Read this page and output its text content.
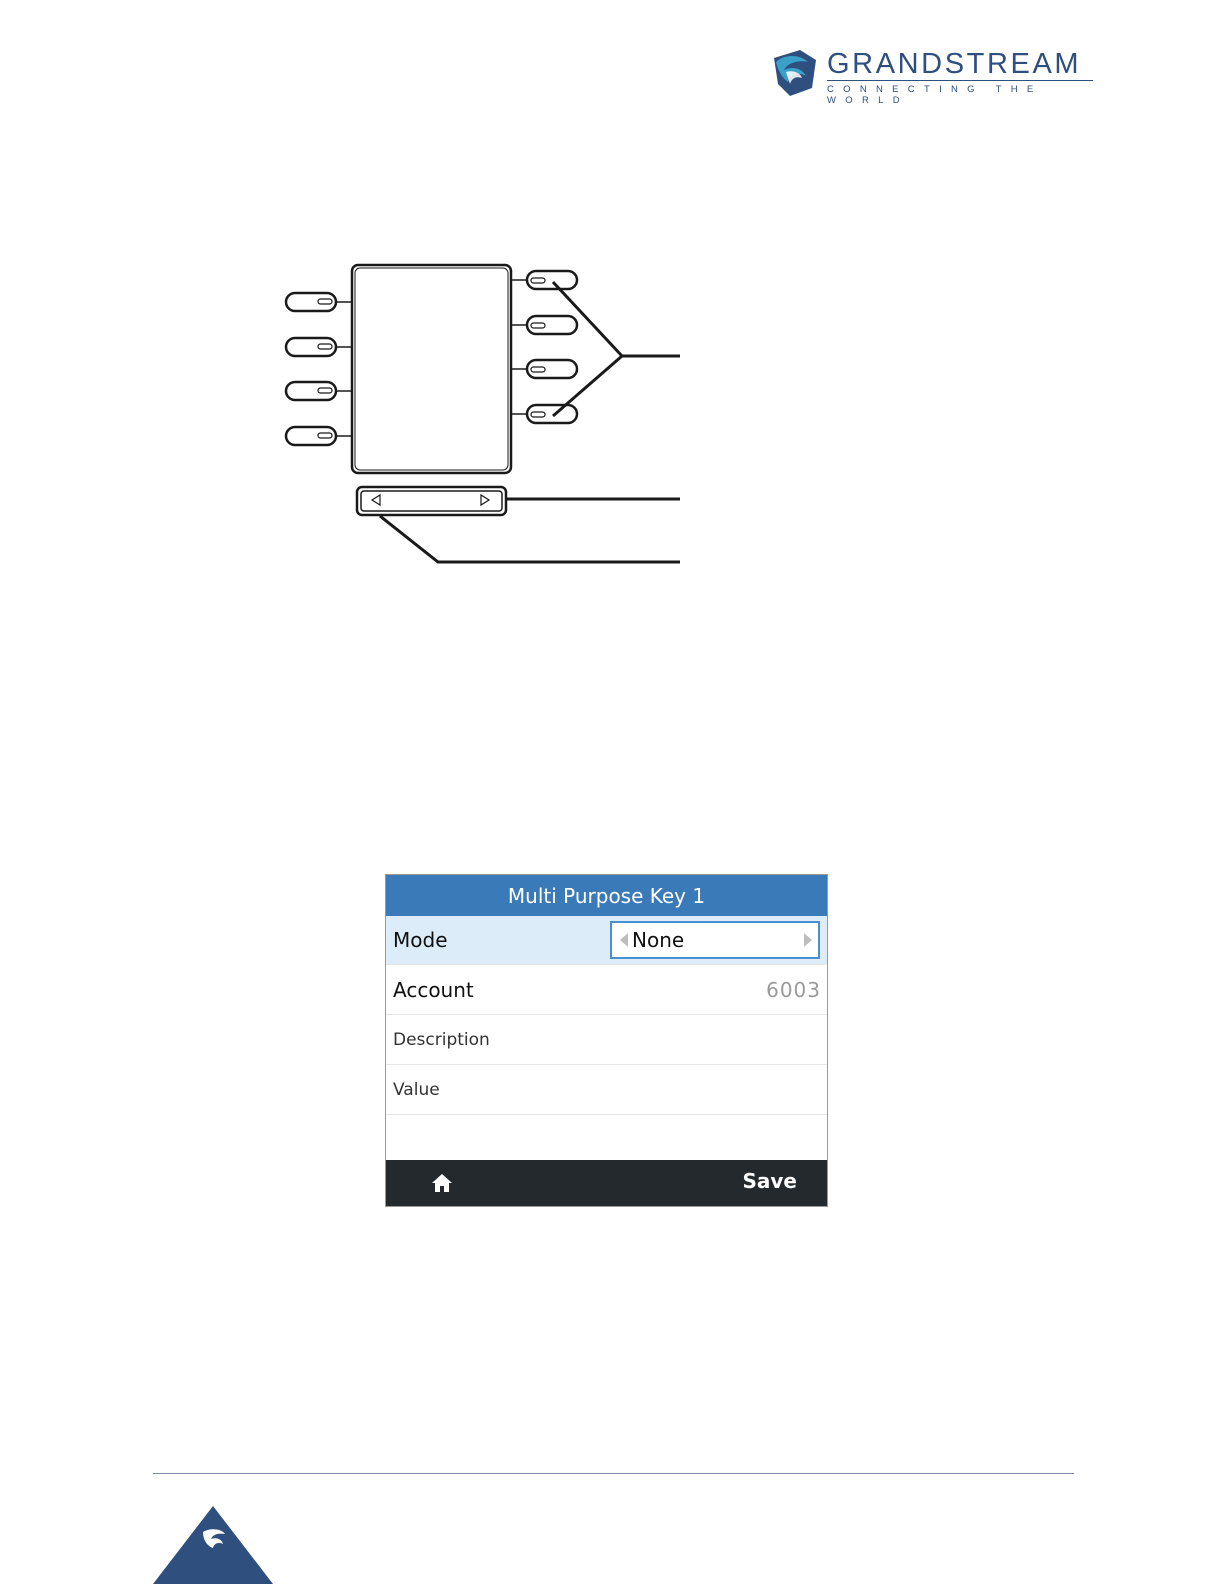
GRANDSTREAM
CONNECTING THE WORLD
Multi Purpose Key 1
Mode	None
Account	6003
Description
Value
Save
